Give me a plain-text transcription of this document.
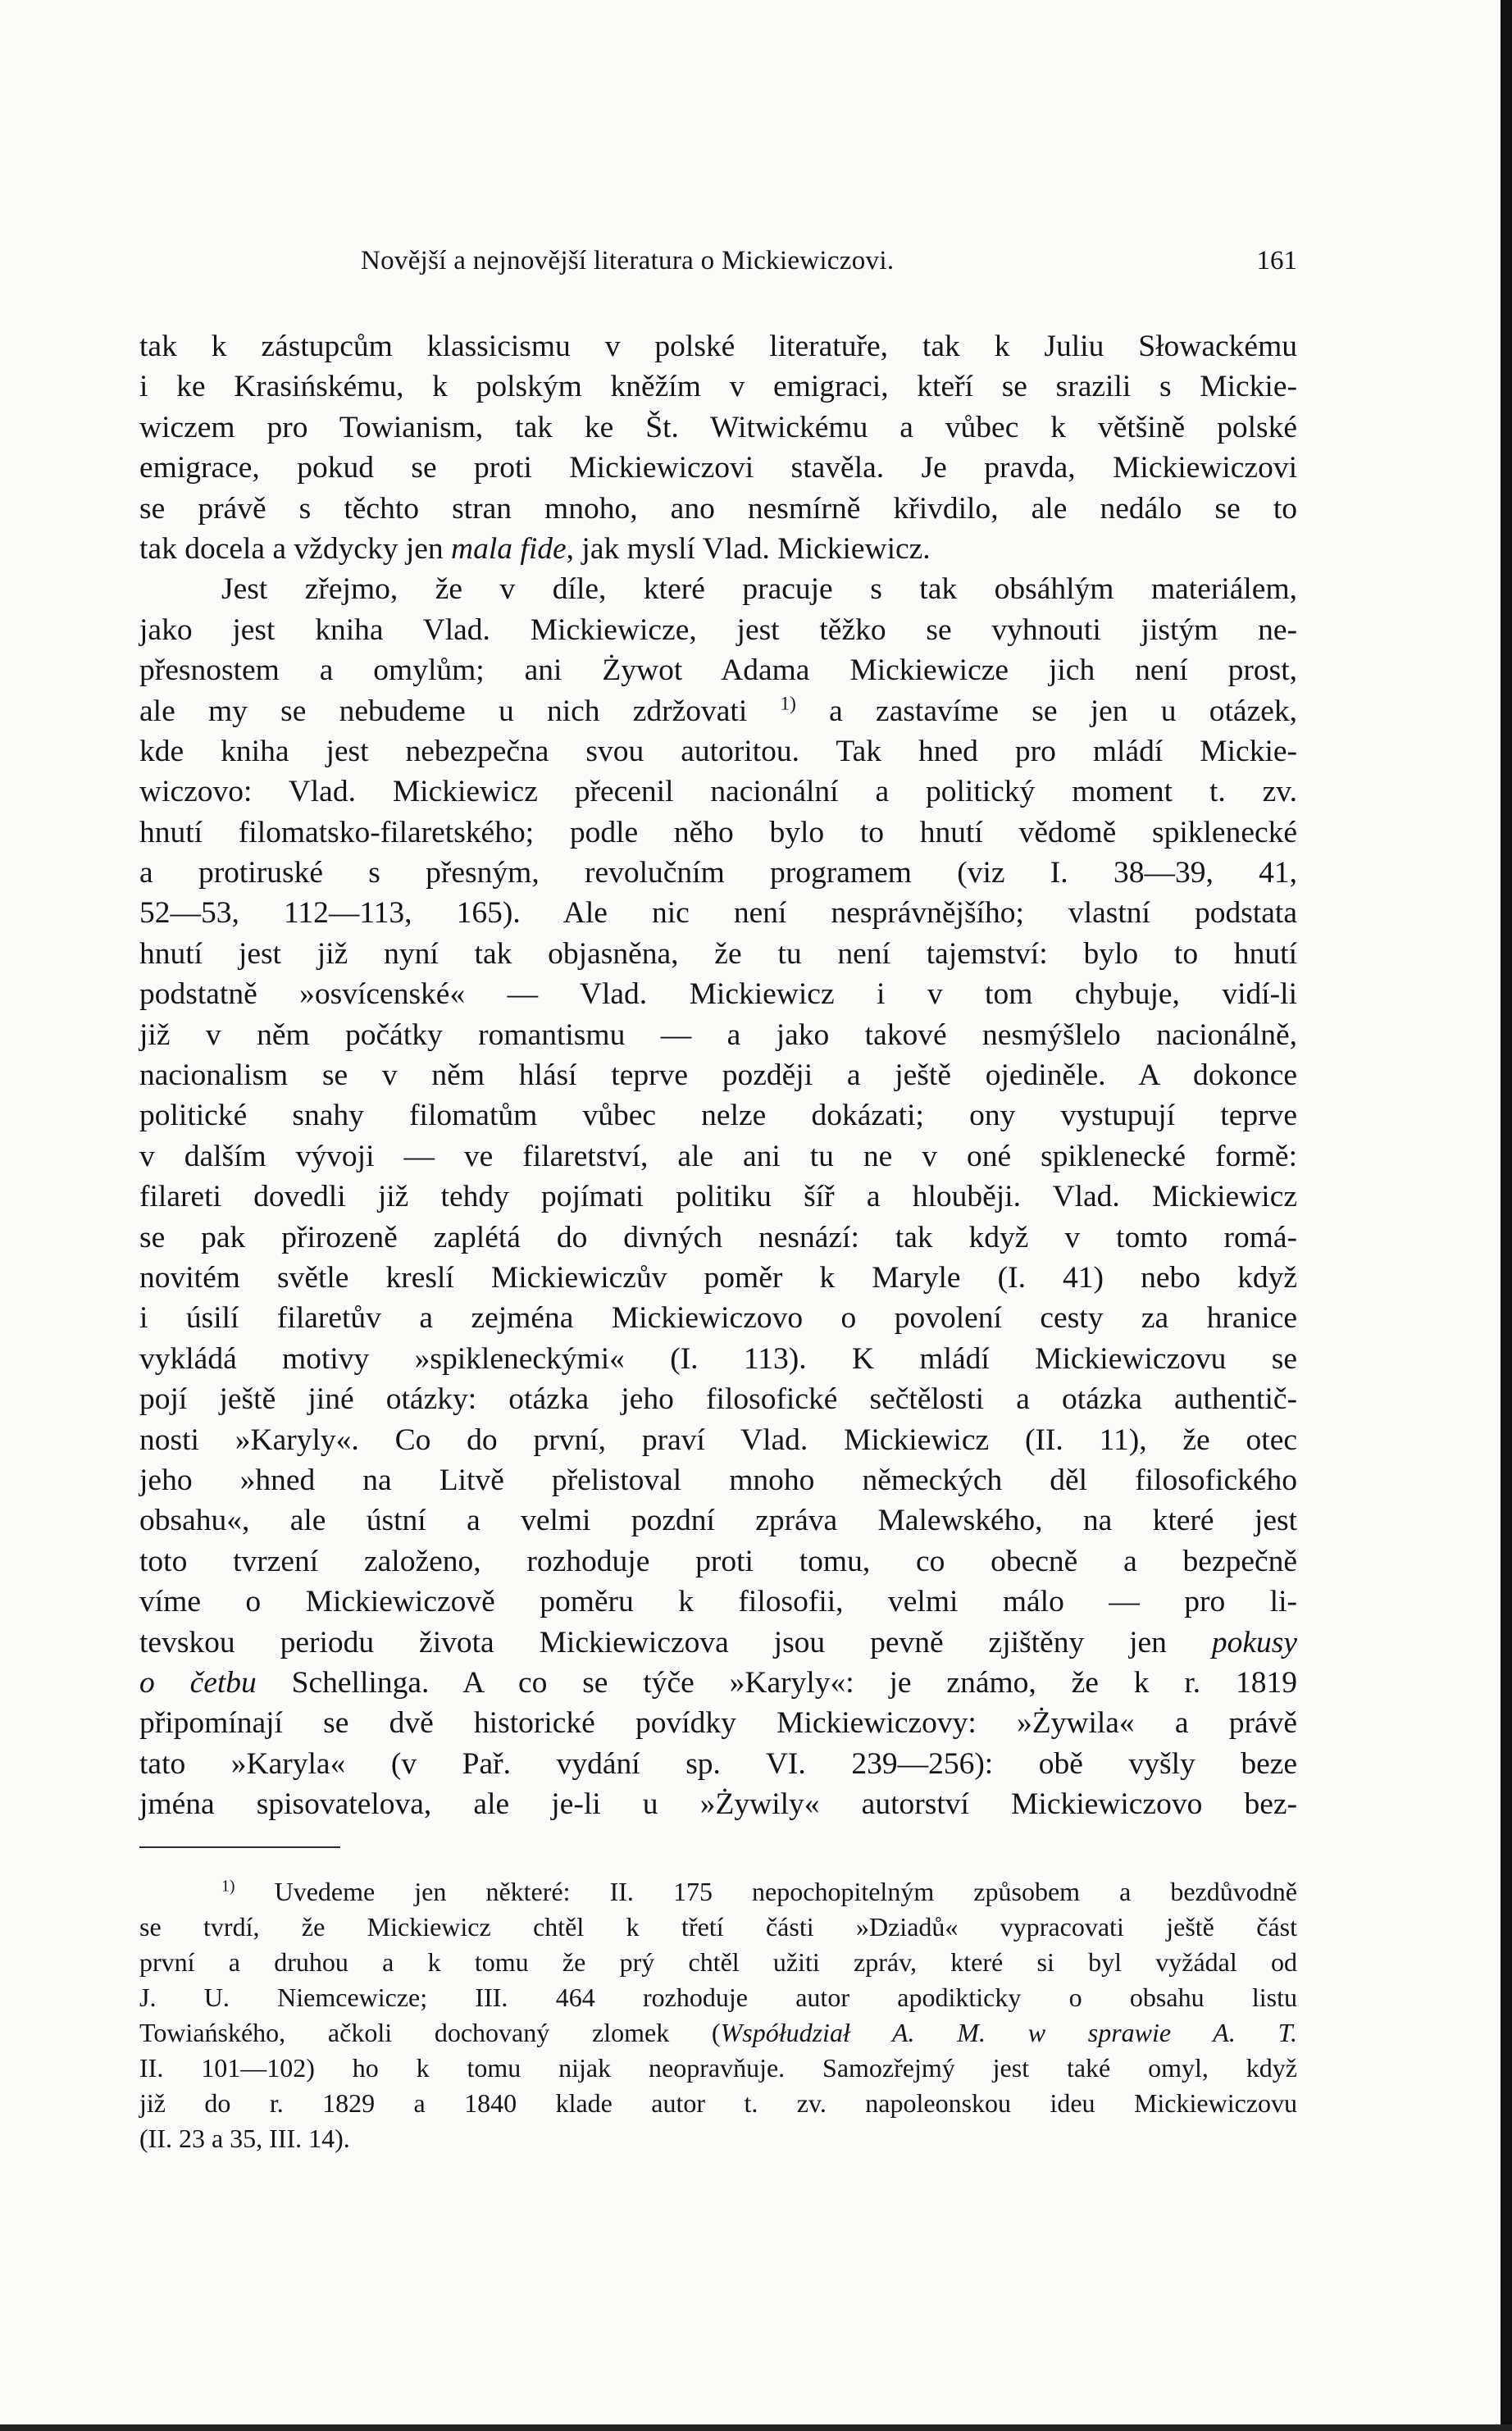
Novější a nejnovější literatura o Mickiewiczovi.	161
tak k zástupcům klassicismu v polské literatuře, tak k Juliu Słowackému
i ke Krasińskému, k polským kněžím v emigraci, kteří se srazili s Mickie-
wiczem pro Towianism, tak ke Št. Witwickému a vůbec k většině polské
emigrace, pokud se proti Mickiewiczovi stavěla. Je pravda, Mickiewiczovi
se právě s těchto stran mnoho, ano nesmírně křivdilo, ale nedálo se to
tak docela a vždycky jen mala fide, jak myslí Vlad. Mickiewicz.
Jest zřejmo, že v díle, které pracuje s tak obsáhlým materiálem,
jako jest kniha Vlad. Mickiewicze, jest těžko se vyhnouti jistým ne-
přesnostem a omylům; ani Żywot Adama Mickiewicze jich není prost,
ale my se nebudeme u nich zdržovati $^{1)}$ a zastavíme se jen u otázek,
kde kniha jest nebezpečna svou autoritou. Tak hned pro mládí Mickie-
wiczovo: Vlad. Mickiewicz přecenil nacionální a politický moment t. zv.
hnutí filomatsko-filaretského; podle něho bylo to hnutí vědomě spiklenecké
a protiruské s přesným, revolučním programem (viz I. 38—39, 41,
52—53, 112—113, 165). Ale nic není nesprávnějšího; vlastní podstata
hnutí jest již nyní tak objasněna, že tu není tajemství: bylo to hnutí
podstatně »osvícenské« — Vlad. Mickiewicz i v tom chybuje, vidí-li
již v něm počátky romantismu — a jako takové nesmýšlelo nacionálně,
nacionalism se v něm hlásí teprve později a ještě ojediněle. A dokonce
politické snahy filomatům vůbec nelze dokázati; ony vystupují teprve
v dalším vývoji — ve filaretství, ale ani tu ne v oné spiklenecké formě:
filareti dovedli již tehdy pojímati politiku šíř a hlouběji. Vlad. Mickiewicz
se pak přirozeně zaplétá do divných nesnází: tak když v tomto romá-
novitém světle kreslí Mickiewiczův poměr k Maryle (I. 41) nebo když
i úsilí filaretův a zejména Mickiewiczovo o povolení cesty za hranice
vykládá motivy »spikleneckými« (I. 113). K mládí Mickiewiczovu se
pojí ještě jiné otázky: otázka jeho filosofické sečtělosti a otázka authentič-
nosti »Karyly«. Co do první, praví Vlad. Mickiewicz (II. 11), že otec
jeho »hned na Litvě přelistoval mnoho německých děl filosofického
obsahu«, ale ústní a velmi pozdní zpráva Malewského, na které jest
toto tvrzení založeno, rozhoduje proti tomu, co obecně a bezpečně
víme o Mickiewiczově poměru k filosofii, velmi málo — pro li-
tevskou periodu života Mickiewiczova jsou pevně zjištěny jen pokusy
o četbu Schellinga. A co se týče »Karyly«: je známo, že k r. 1819
připomínají se dvě historické povídky Mickiewiczovy: »Żywila« a právě
tato »Karyla« (v Pař. vydání sp. VI. 239—256): obě vyšly beze
jména spisovatelova, ale je-li u »Żywily« autorství Mickiewiczovo bez-
$^{1)}$ Uvedeme jen některé: II. 175 nepochopitelným způsobem a bezdůvodně
se tvrdí, že Mickiewicz chtěl k třetí části »Dziadů« vypracovati ještě část
první a druhou a k tomu že prý chtěl užiti zpráv, které si byl vyžádal od
J. U. Niemcewicze; III. 464 rozhoduje autor apodikticky o obsahu listu
Towiańského, ačkoli dochovaný zlomek (Współudział A. M. w sprawie A. T.
II. 101—102) ho k tomu nijak neopravňuje. Samozřejmý jest také omyl, když
již do r. 1829 a 1840 klade autor t. zv. napoleonskou ideu Mickiewiczovu
(II. 23 a 35, III. 14).
